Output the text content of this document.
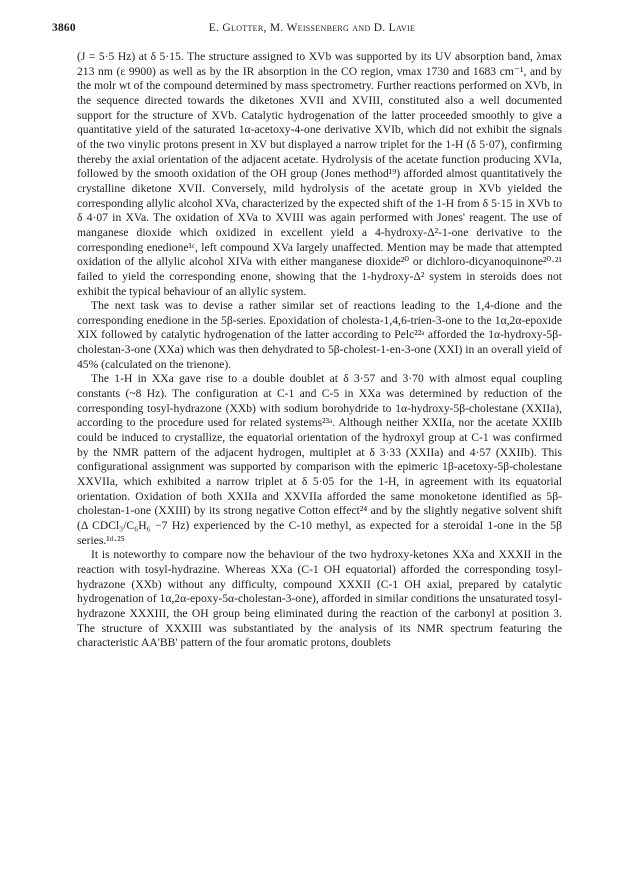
3860	E. Glotter, M. Weissenberg and D. Lavie

(J = 5·5 Hz) at δ 5·15. The structure assigned to XVb was supported by its UV absorption band, λmax 213 nm (ε 9900) as well as by the IR absorption in the CO region, νmax 1730 and 1683 cm⁻¹, and by the molr wt of the compound determined by mass spectrometry. Further reactions performed on XVb, in the sequence directed towards the diketones XVII and XVIII, constituted also a well documented support for the structure of XVb. Catalytic hydrogenation of the latter proceeded smoothly to give a quantitative yield of the saturated 1α-acetoxy-4-one derivative XVIb, which did not exhibit the signals of the two vinylic protons present in XV but displayed a narrow triplet for the 1-H (δ 5·07), confirming thereby the axial orientation of the adjacent acetate. Hydrolysis of the acetate function producing XVIa, followed by the smooth oxidation of the OH group (Jones method¹⁹) afforded almost quantitatively the crystalline diketone XVII. Conversely, mild hydrolysis of the acetate group in XVb yielded the corresponding allylic alcohol XVa, characterized by the expected shift of the 1-H from δ 5·15 in XVb to δ 4·07 in XVa. The oxidation of XVa to XVIII was again performed with Jones' reagent. The use of manganese dioxide which oxidized in excellent yield a 4-hydroxy-Δ²-1-one derivative to the corresponding enedione¹ᶜ, left compound XVa largely unaffected. Mention may be made that attempted oxidation of the allylic alcohol XIVa with either manganese dioxide²⁰ or dichloro-dicyanoquinone²⁰·²¹ failed to yield the corresponding enone, showing that the 1-hydroxy-Δ² system in steroids does not exhibit the typical behaviour of an allylic system.

The next task was to devise a rather similar set of reactions leading to the 1,4-dione and the corresponding enedione in the 5β-series. Epoxidation of cholesta-1,4,6-trien-3-one to the 1α,2α-epoxide XIX followed by catalytic hydrogenation of the latter according to Pelc²²ᵃ afforded the 1α-hydroxy-5β-cholestan-3-one (XXa) which was then dehydrated to 5β-cholest-1-en-3-one (XXI) in an overall yield of 45% (calculated on the trienone).

The 1-H in XXa gave rise to a double doublet at δ 3·57 and 3·70 with almost equal coupling constants (~8 Hz). The configuration at C-1 and C-5 in XXa was determined by reduction of the corresponding tosyl-hydrazone (XXb) with sodium borohydride to 1α-hydroxy-5β-cholestane (XXIIa), according to the procedure used for related systems²³ᵃ. Although neither XXIIa, nor the acetate XXIIb could be induced to crystallize, the equatorial orientation of the hydroxyl group at C-1 was confirmed by the NMR pattern of the adjacent hydrogen, multiplet at δ 3·33 (XXIIa) and 4·57 (XXIIb). This configurational assignment was supported by comparison with the epimeric 1β-acetoxy-5β-cholestane XXVIIa, which exhibited a narrow triplet at δ 5·05 for the 1-H, in agreement with its equatorial orientation. Oxidation of both XXIIa and XXVIIa afforded the same monoketone identified as 5β-cholestan-1-one (XXIII) by its strong negative Cotton effect²⁴ and by the slightly negative solvent shift (Δ CDCl₃/C₆H₆ −7 Hz) experienced by the C-10 methyl, as expected for a steroidal 1-one in the 5β series.¹ᵈ·²⁵

It is noteworthy to compare now the behaviour of the two hydroxy-ketones XXa and XXXII in the reaction with tosyl-hydrazine. Whereas XXa (C-1 OH equatorial) afforded the corresponding tosyl-hydrazone (XXb) without any difficulty, compound XXXII (C-1 OH axial, prepared by catalytic hydrogenation of 1α,2α-epoxy-5α-cholestan-3-one), afforded in similar conditions the unsaturated tosyl-hydrazone XXXIII, the OH group being eliminated during the reaction of the carbonyl at position 3. The structure of XXXIII was substantiated by the analysis of its NMR spectrum featuring the characteristic AA'BB' pattern of the four aromatic protons, doublets
